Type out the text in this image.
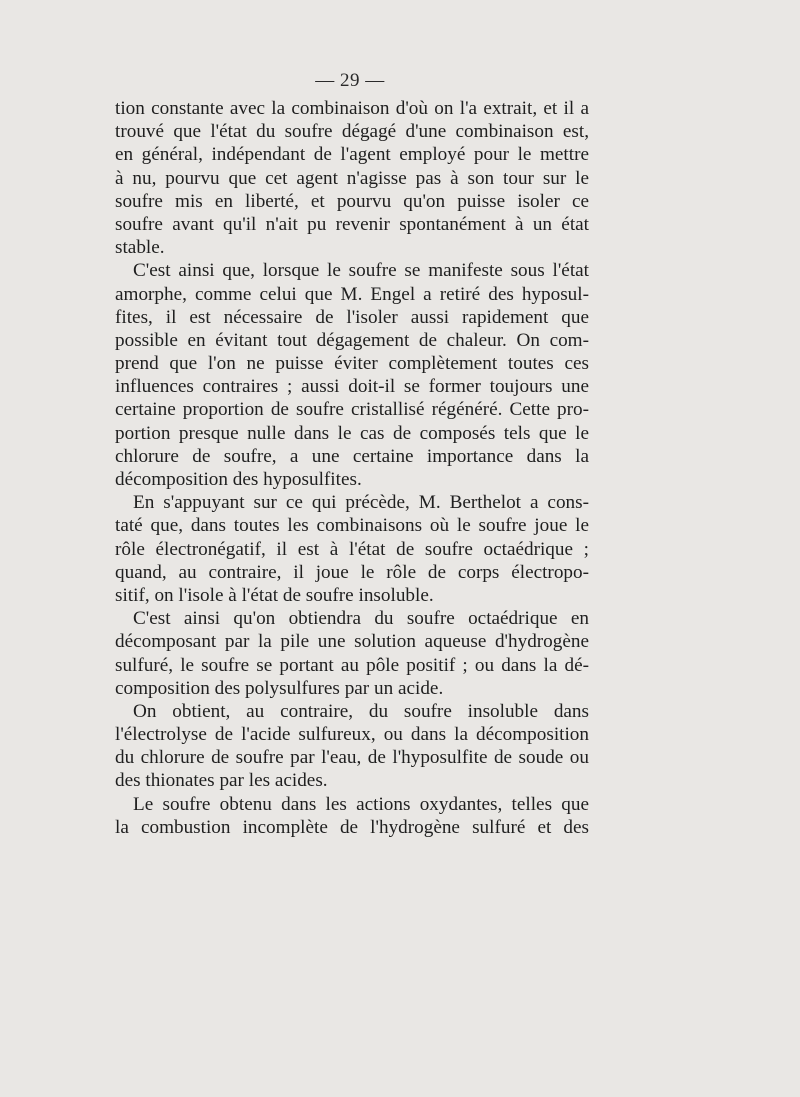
— 29 —
tion constante avec la combinaison d'où on l'a extrait, et il a
trouvé que l'état du soufre dégagé d'une combinaison est,
en général, indépendant de l'agent employé pour le mettre
à nu, pourvu que cet agent n'agisse pas à son tour sur le
soufre mis en liberté, et pourvu qu'on puisse isoler ce
soufre avant qu'il n'ait pu revenir spontanément à un état
stable.
C'est ainsi que, lorsque le soufre se manifeste sous l'état
amorphe, comme celui que M. Engel a retiré des hyposul-
fites, il est nécessaire de l'isoler aussi rapidement que
possible en évitant tout dégagement de chaleur. On com-
prend que l'on ne puisse éviter complètement toutes ces
influences contraires ; aussi doit-il se former toujours une
certaine proportion de soufre cristallisé régénéré. Cette pro-
portion presque nulle dans le cas de composés tels que le
chlorure de soufre, a une certaine importance dans la
décomposition des hyposulfites.
En s'appuyant sur ce qui précède, M. Berthelot a cons-
taté que, dans toutes les combinaisons où le soufre joue le
rôle électronégatif, il est à l'état de soufre octaédrique ;
quand, au contraire, il joue le rôle de corps électropo-
sitif, on l'isole à l'état de soufre insoluble.
C'est ainsi qu'on obtiendra du soufre octaédrique en
décomposant par la pile une solution aqueuse d'hydrogène
sulfuré, le soufre se portant au pôle positif ; ou dans la dé-
composition des polysulfures par un acide.
On obtient, au contraire, du soufre insoluble dans
l'électrolyse de l'acide sulfureux, ou dans la décomposition
du chlorure de soufre par l'eau, de l'hyposulfite de soude ou
des thionates par les acides.
Le soufre obtenu dans les actions oxydantes, telles que
la combustion incomplète de l'hydrogène sulfuré et des
